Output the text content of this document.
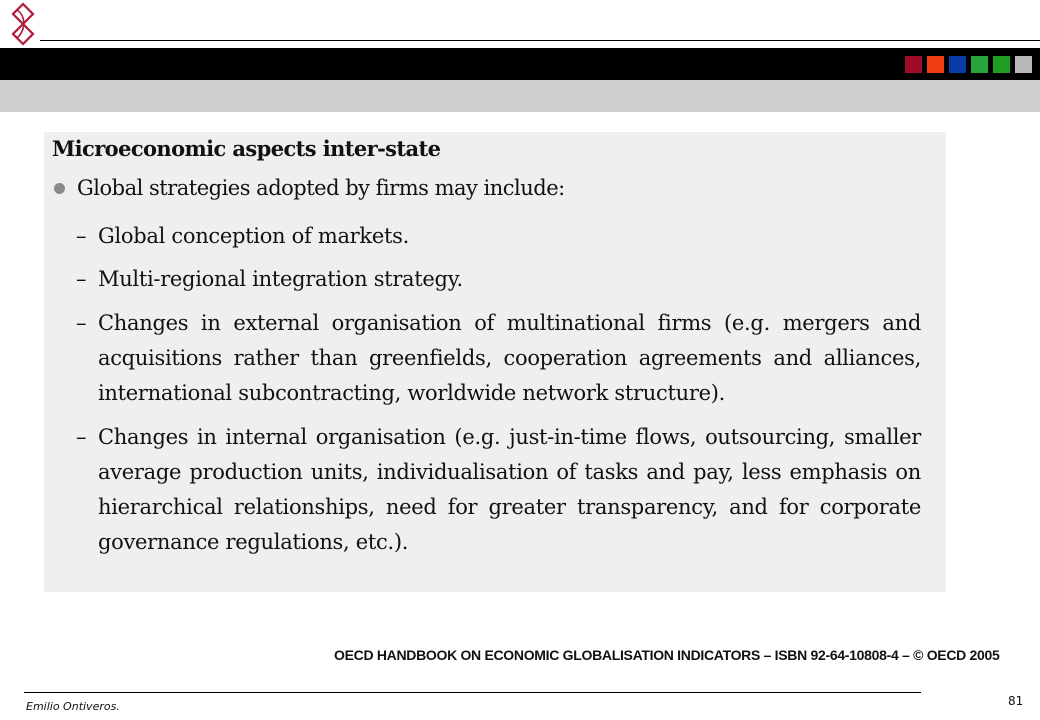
Microeconomic aspects inter-state
Global strategies adopted by firms may include:
– Global conception of markets.
– Multi-regional integration strategy.
– Changes in external organisation of multinational firms (e.g. mergers and acquisitions rather than greenfields, cooperation agreements and alliances, international subcontracting, worldwide network structure).
– Changes in internal organisation (e.g. just-in-time flows, outsourcing, smaller average production units, individualisation of tasks and pay, less emphasis on hierarchical relationships, need for greater transparency, and for corporate governance regulations, etc.).
OECD HANDBOOK ON ECONOMIC GLOBALISATION INDICATORS – ISBN 92-64-10808-4 – © OECD 2005
Emilio Ontiveros.	81
